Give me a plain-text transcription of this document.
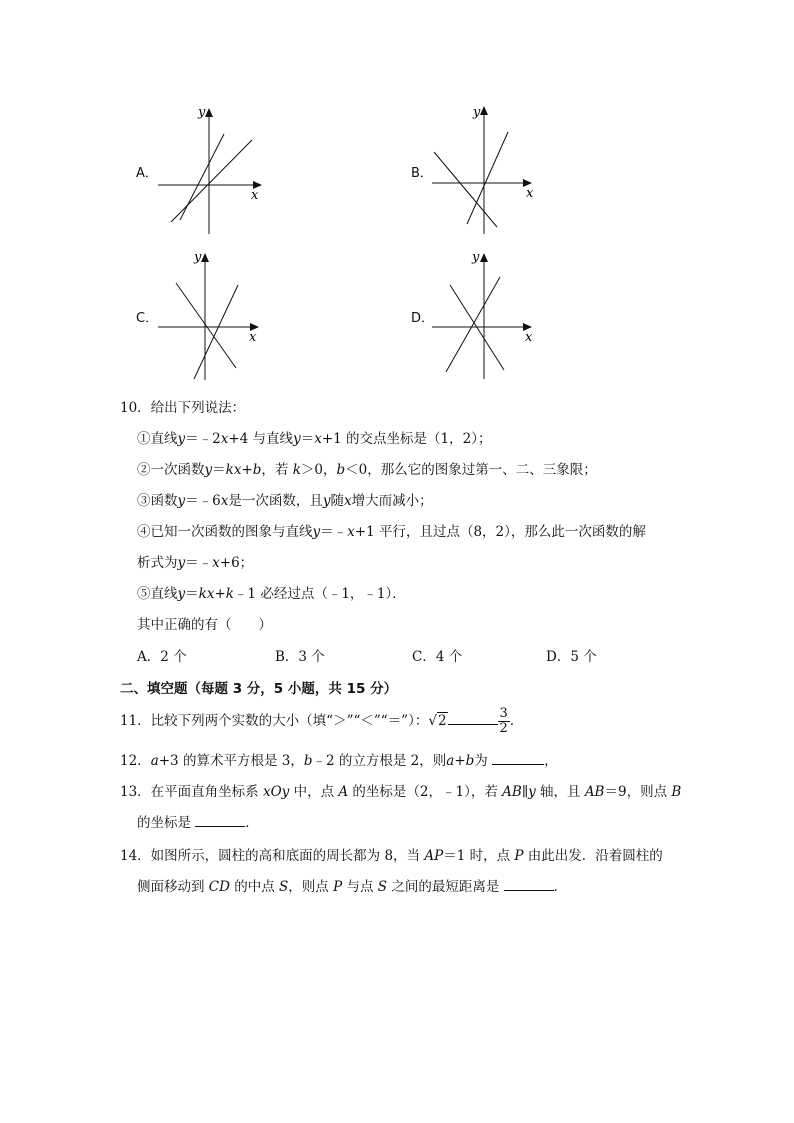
A．
y
x
B．
y
x
C．
y
x
D．
y
x
10．给出下列说法：
①直线y＝﹣2x+4 与直线y＝x+1 的交点坐标是（1，2）；
②一次函数y＝kx+b，若 k＞0，b＜0，那么它的图象过第一、二、三象限；
③函数y＝﹣6x是一次函数，且y随x增大而减小；
④已知一次函数的图象与直线y＝﹣x+1 平行，且过点（8，2），那么此一次函数的解
析式为y＝﹣x+6；
⑤直线y＝kx+k﹣1 必经过点（﹣1，﹣1）．
其中正确的有（　　）
A．2 个	B．3 个	C．4 个	D．5 个
二、填空题（每题 3 分，5 小题，共 15 分）
11．比较下列两个实数的大小（填“＞”“＜”“＝”）：√2	$\frac{3}{2}$ ．
12．a+3 的算术平方根是 3，b﹣2 的立方根是 2，则a+b为	，
13．在平面直角坐标系 xOy 中，点 A 的坐标是（2，﹣1），若 AB∥y 轴，且 AB＝9，则点 B
的坐标是	．
14．如图所示，圆柱的高和底面的周长都为 8，当 AP＝1 时，点 P 由此出发．沿着圆柱的
侧面移动到 CD 的中点 S，则点 P 与点 S 之间的最短距离是	．
